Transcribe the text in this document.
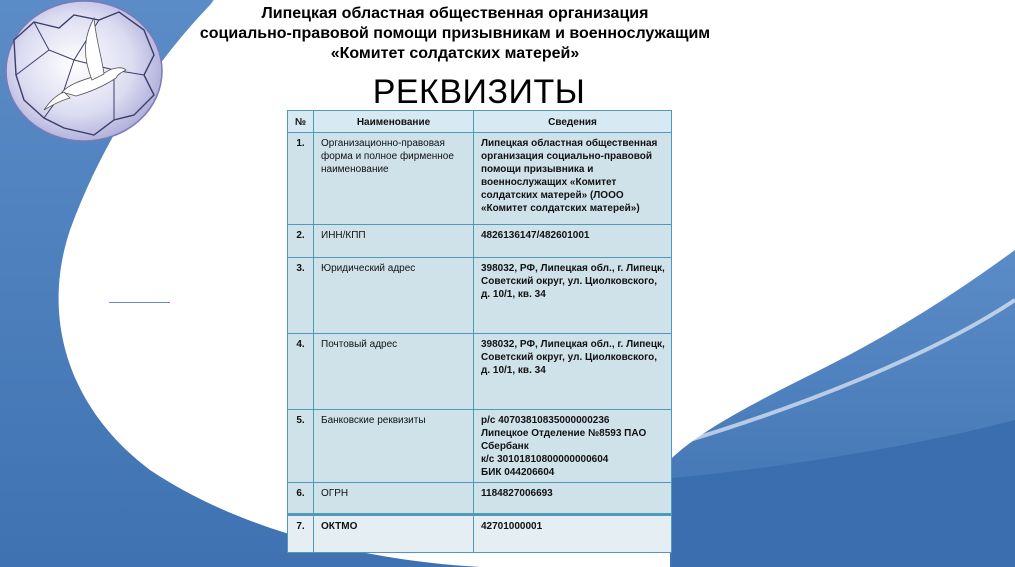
Липецкая областная общественная организация
социально-правовой помощи призывникам и военнослужащим
«Комитет солдатских матерей»
РЕКВИЗИТЫ
№	Наименование	Сведения
1.	Организационно-правовая форма и полное фирменное наименование	Липецкая областная общественная организация социально-правовой помощи призывника и военнослужащих «Комитет солдатских матерей» (ЛООО «Комитет солдатских матерей»)
2.	ИНН/КПП	4826136147/482601001
3.	Юридический адрес	398032, РФ, Липецкая обл., г. Липецк, Советский округ, ул. Циолковского, д. 10/1, кв. 34
4.	Почтовый адрес	398032, РФ, Липецкая обл., г. Липецк, Советский округ, ул. Циолковского, д. 10/1, кв. 34
5.	Банковские реквизиты	р/с 40703810835000000236
Липецкое Отделение №8593 ПАО Сбербанк
к/с 30101810800000000604
БИК 044206604

6.	ОГРН	1184827006693
7.	ОКТМО	42701000001
